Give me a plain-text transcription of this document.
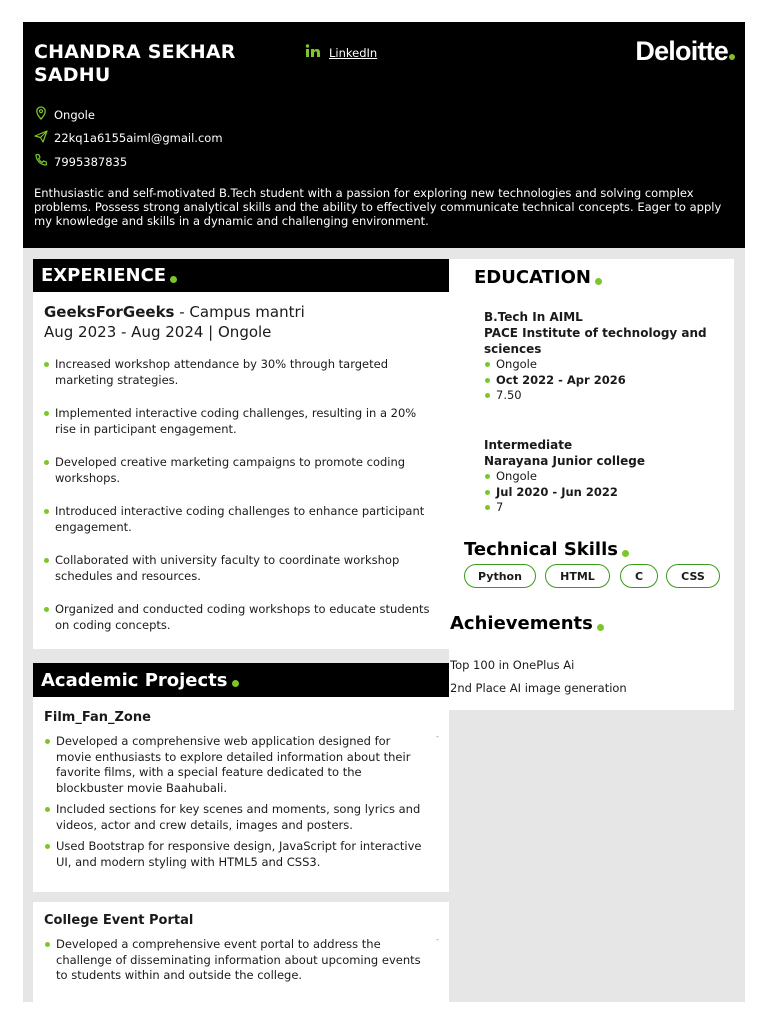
CHANDRA SEKHAR SADHU
LinkedIn	Deloitte
Ongole
22kq1a6155aiml@gmail.com
7995387835
Enthusiastic and self-motivated B.Tech student with a passion for exploring new technologies and solving complex problems. Possess strong analytical skills and the ability to effectively communicate technical concepts. Eager to apply my knowledge and skills in a dynamic and challenging environment.
EXPERIENCE
GeeksForGeeks - Campus mantri
Aug 2023 - Aug 2024 | Ongole
Increased workshop attendance by 30% through targeted marketing strategies.
Implemented interactive coding challenges, resulting in a 20% rise in participant engagement.
Developed creative marketing campaigns to promote coding workshops.
Introduced interactive coding challenges to enhance participant engagement.
Collaborated with university faculty to coordinate workshop schedules and resources.
Organized and conducted coding workshops to educate students on coding concepts.
Academic Projects
Film_Fan_Zone
Developed a comprehensive web application designed for movie enthusiasts to explore detailed information about their favorite films, with a special feature dedicated to the blockbuster movie Baahubali.
Included sections for key scenes and moments, song lyrics and videos, actor and crew details, images and posters.
Used Bootstrap for responsive design, JavaScript for interactive UI, and modern styling with HTML5 and CSS3.
-
College Event Portal
Developed a comprehensive event portal to address the challenge of disseminating information about upcoming events to students within and outside the college.
-
EDUCATION
B.Tech In AIML
PACE Institute of technology and sciences
Ongole
Oct 2022 - Apr 2026
7.50
Intermediate
Narayana Junior college
Ongole
Jul 2020 - Jun 2022
7
Technical Skills
Python	HTML	C	CSS
Achievements
Top 100 in OnePlus Ai
2nd Place AI image generation
